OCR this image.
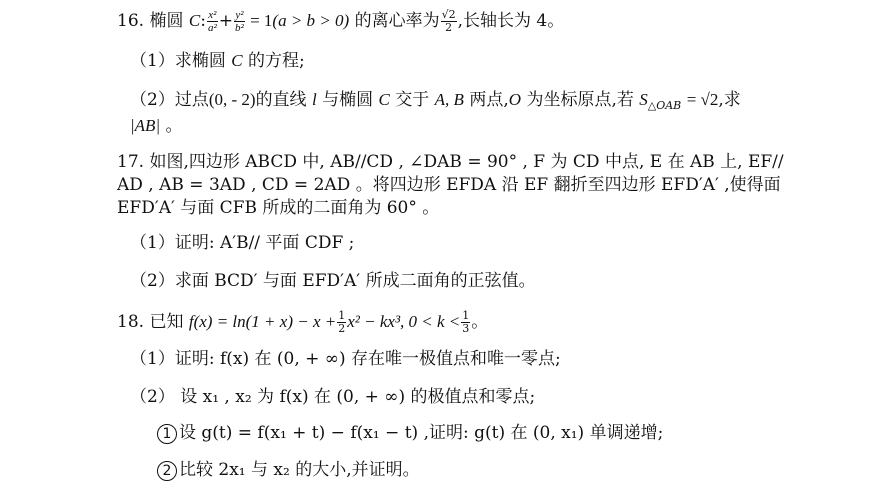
16. 椭圆 C: $\frac{\text{x²}}{\text{a²}} + \frac{\text{y²}}{\text{b²}} = 1(a > b > 0)$ 的离心率为 $\frac{√2}{2}$ ,长轴长为 4。
（1）求椭圆 C 的方程;
（2）过点(0, - 2)的直线 l 与椭圆 C 交于 A, B 两点,O 为坐标原点,若 $S_{\triangle OAB} = √2$,求
|AB| 。
17. 如图,四边形 ABCD 中, AB//CD , ∠DAB = 90° , F 为 CD 中点, E 在 AB 上, EF//
AD , AB = 3AD , CD = 2AD 。将四边形 EFDA 沿 EF 翻折至四边形 EFD′A′ ,使得面
EFD′A′ 与面 CFB 所成的二面角为 60° 。
（1）证明: A′B// 平面 CDF ;
（2）求面 BCD′ 与面 EFD′A′ 所成二面角的正弦值。
18. 已知 $f(x) = \ln(1 + x) - x + \frac{1}{2} x^2 - kx^3$, $0 < k < \frac{1}{3}$ 。
（1）证明: f(x) 在 (0, + ∞) 存在唯一极值点和唯一零点;
（2） 设 x₁ , x₂ 为 f(x) 在 (0, + ∞) 的极值点和零点;
1 设 g(t) = f(x₁ + t) − f(x₁ − t) ,证明: g(t) 在 (0, x₁) 单调递增;
2 比较 2x₁ 与 x₂ 的大小,并证明。
